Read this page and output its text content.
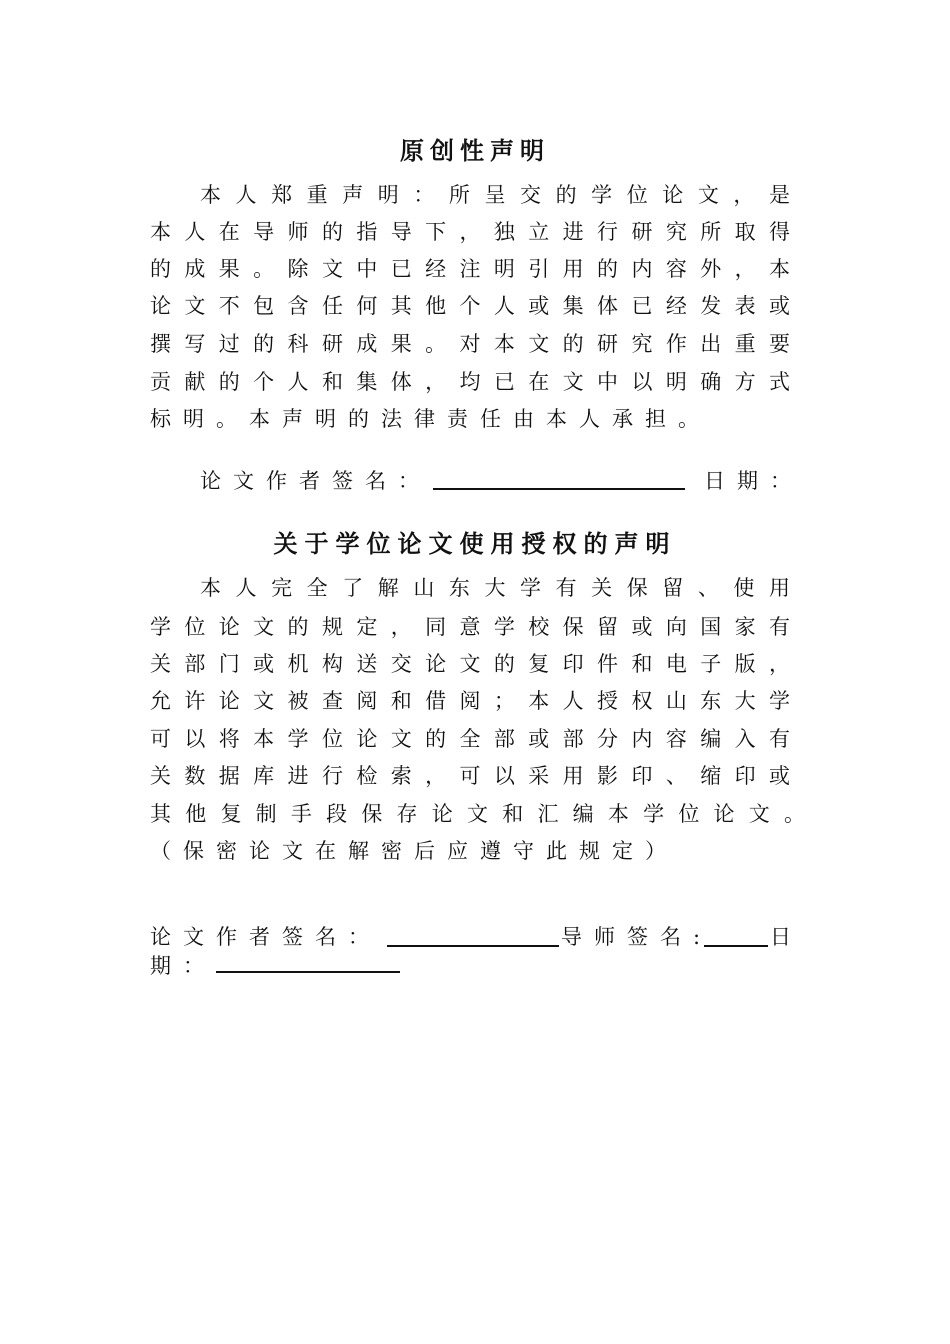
原创性声明
本人郑重声明：所呈交的学位论文，是
本人在导师的指导下，独立进行研究所取得
的成果。除文中已经注明引用的内容外，本
论文不包含任何其他个人或集体已经发表或
撰写过的科研成果。对本文的研究作出重要
贡献的个人和集体，均已在文中以明确方式
标明。本声明的法律责任由本人承担。
论文作者签名：	日期：
关于学位论文使用授权的声明
本人完全了解山东大学有关保留、使用
学位论文的规定，同意学校保留或向国家有
关部门或机构送交论文的复印件和电子版，
允许论文被查阅和借阅；本人授权山东大学
可以将本学位论文的全部或部分内容编入有
关数据库进行检索，可以采用影印、缩印或
其他复制手段保存论文和汇编本学位论文。
（保密论文在解密后应遵守此规定）
论文作者签名：	导师签名:	日
期：
